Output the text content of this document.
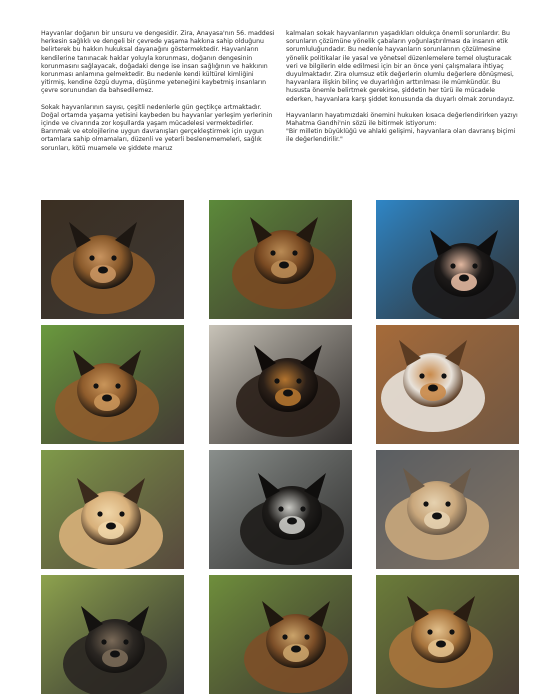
Hayvanlar doğanın bir unsuru ve dengesidir. Zira, Anayasa'nın 56. maddesi herkesin sağlıklı ve dengeli bir çevrede yaşama hakkına sahip olduğunu belirterek bu hakkın hukuksal dayanağını göstermektedir. Hayvanların kendilerine tanınacak haklar yoluyla korunması, doğanın dengesinin korunmasını sağlayacak, doğadaki denge ise insan sağlığının ve hakkının korunması anlamına gelmektedir. Bu nedenle kendi kültürel kimliğini yitirmiş, kendine özgü duyma, düşünme yeteneğini kaybetmiş insanların çevre sorunundan da bahsedilemez.

Sokak hayvanlarının sayısı, çeşitli nedenlerle gün geçtikçe artmaktadır. Doğal ortamda yaşama yetisini kaybeden bu hayvanlar yerleşim yerlerinin içinde ve civarında zor koşullarda yaşam mücadelesi vermektedirler. Barınmak ve etolojilerine uygun davranışları gerçekleştirmek için uygun ortamlara sahip olmamaları, düzenli ve yeterli beslenememeleri, sağlık sorunları, kötü muamele ve şiddete maruz

kalmaları sokak hayvanlarının yaşadıkları oldukça önemli sorunlardır. Bu sorunların çözümüne yönelik çabaların yoğunlaştırılması da insanın etik sorumluluğundadır. Bu nedenle hayvanların sorunlarının çözülmesine yönelik politikalar ile yasal ve yönetsel düzenlemelere temel oluşturacak veri ve bilgilerin elde edilmesi için bir an önce yeni çalışmalara ihtiyaç duyulmaktadır. Zira olumsuz etik değerlerin olumlu değerlere dönüşmesi, hayvanlara ilişkin bilinç ve duyarlılığın arttırılması ile mümkündür. Bu hususta önemle belirtmek gerekirse, şiddetin her türü ile mücadele ederken, hayvanlara karşı şiddet konusunda da duyarlı olmak zorundayız.

Hayvanların hayatımızdaki önemini hukuken kısaca değerlendirirken yazıyı Mahatma Gandhi'nin sözü ile bitirmek istiyorum:

"Bir milletin büyüklüğü ve ahlaki gelişimi, hayvanlara olan davranış biçimi ile değerlendirilir."
